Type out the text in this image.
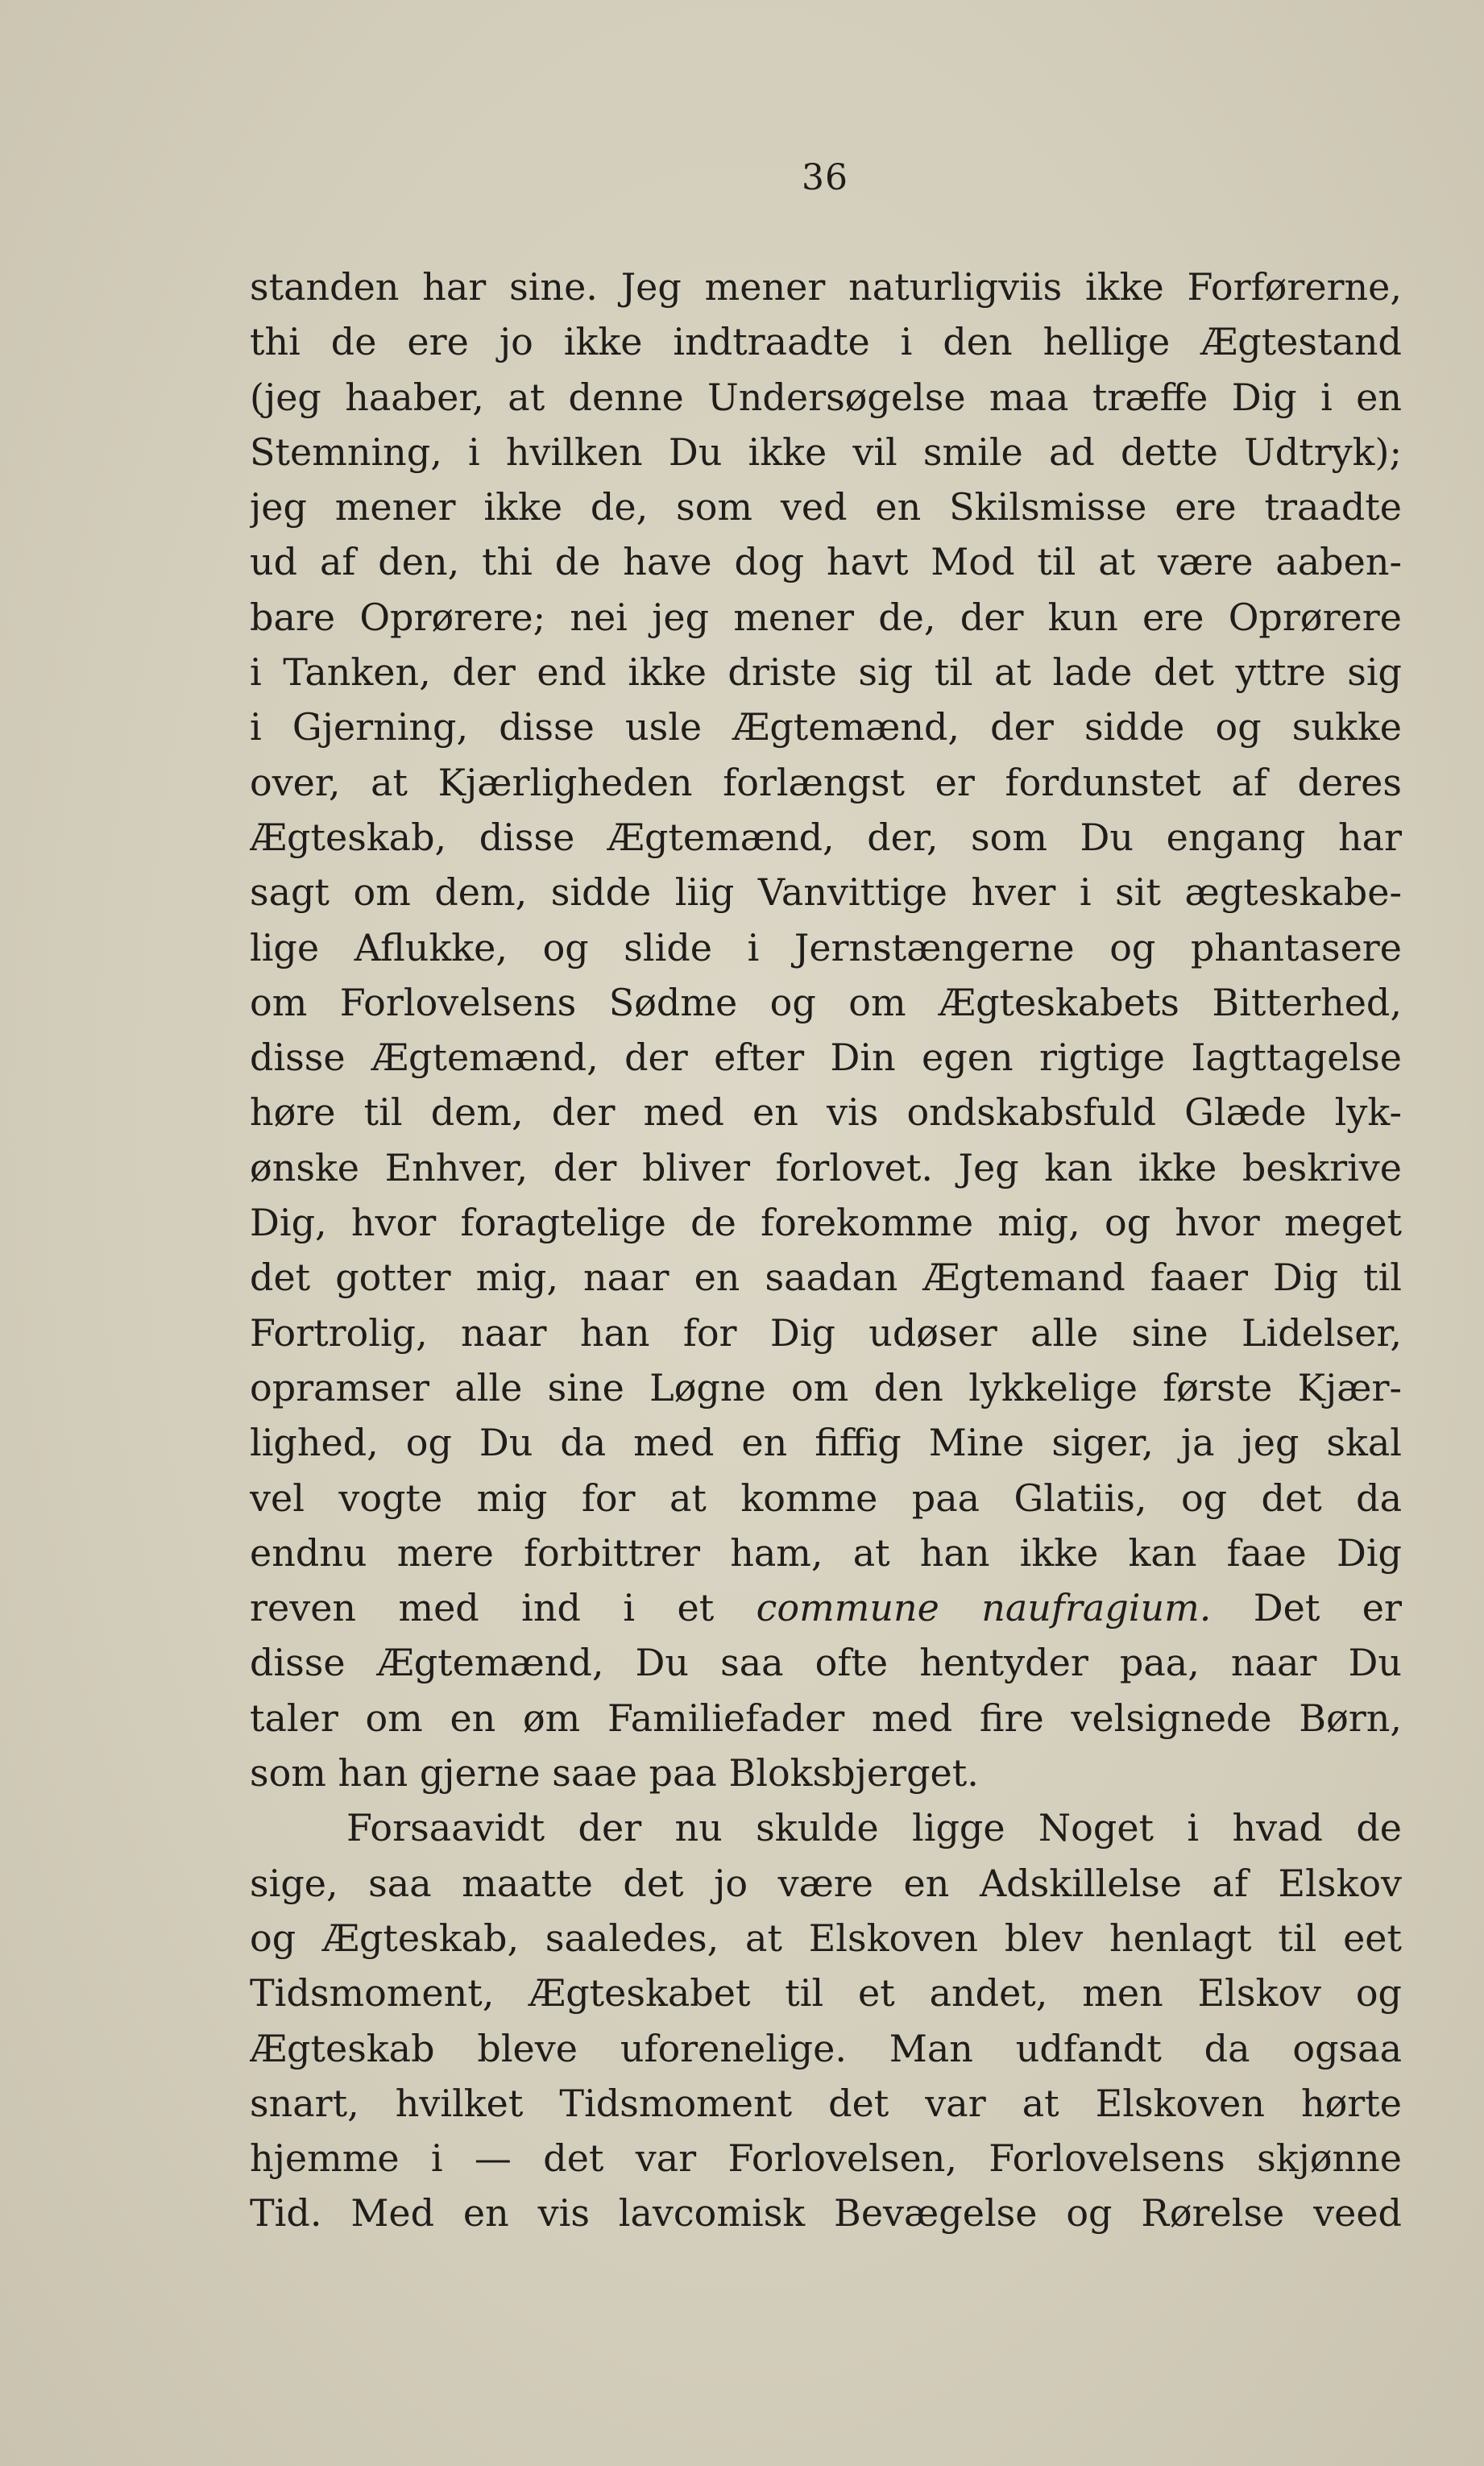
36
standen har sine. Jeg mener naturligviis ikke Forførerne,
thi de ere jo ikke indtraadte i den hellige Ægtestand
(jeg haaber, at denne Undersøgelse maa træffe Dig i en
Stemning, i hvilken Du ikke vil smile ad dette Udtryk);
jeg mener ikke de, som ved en Skilsmisse ere traadte
ud af den, thi de have dog havt Mod til at være aaben-
bare Oprørere; nei jeg mener de, der kun ere Oprørere
i Tanken, der end ikke driste sig til at lade det yttre sig
i Gjerning, disse usle Ægtemænd, der sidde og sukke
over, at Kjærligheden forlængst er fordunstet af deres
Ægteskab, disse Ægtemænd, der, som Du engang har
sagt om dem, sidde liig Vanvittige hver i sit ægteskabe-
lige Aflukke, og slide i Jernstængerne og phantasere
om Forlovelsens Sødme og om Ægteskabets Bitterhed,
disse Ægtemænd, der efter Din egen rigtige Iagttagelse
høre til dem, der med en vis ondskabsfuld Glæde lyk-
ønske Enhver, der bliver forlovet. Jeg kan ikke beskrive
Dig, hvor foragtelige de forekomme mig, og hvor meget
det gotter mig, naar en saadan Ægtemand faaer Dig til
Fortrolig, naar han for Dig udøser alle sine Lidelser,
opramser alle sine Løgne om den lykkelige første Kjær-
lighed, og Du da med en fiffig Mine siger, ja jeg skal
vel vogte mig for at komme paa Glatiis, og det da
endnu mere forbittrer ham, at han ikke kan faae Dig
reven med ind i et commune naufragium. Det er
disse Ægtemænd, Du saa ofte hentyder paa, naar Du
taler om en øm Familiefader med fire velsignede Børn,
som han gjerne saae paa Bloksbjerget.
Forsaavidt der nu skulde ligge Noget i hvad de
sige, saa maatte det jo være en Adskillelse af Elskov
og Ægteskab, saaledes, at Elskoven blev henlagt til eet
Tidsmoment, Ægteskabet til et andet, men Elskov og
Ægteskab bleve uforenelige. Man udfandt da ogsaa
snart, hvilket Tidsmoment det var at Elskoven hørte
hjemme i — det var Forlovelsen, Forlovelsens skjønne
Tid. Med en vis lavcomisk Bevægelse og Rørelse veed
